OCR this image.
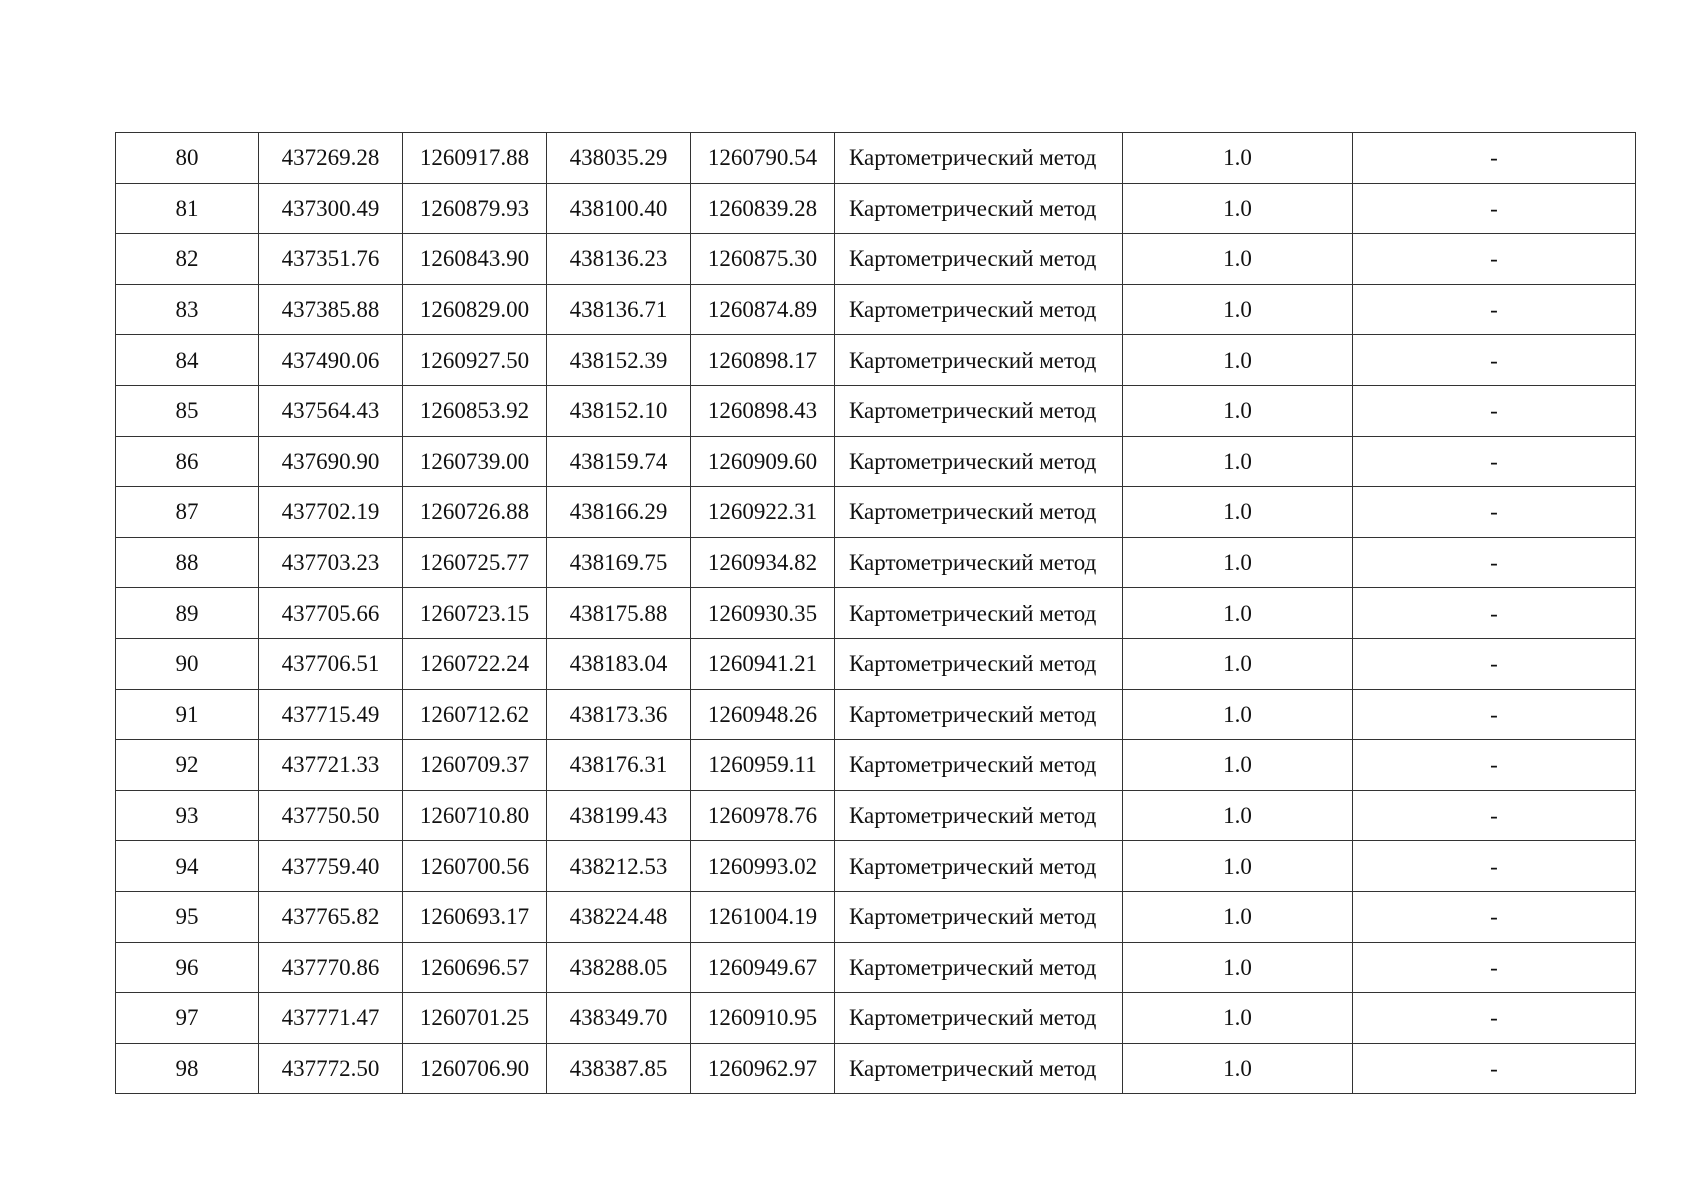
80	437269.28	1260917.88	438035.29	1260790.54	Картометрический метод	1.0	-
81	437300.49	1260879.93	438100.40	1260839.28	Картометрический метод	1.0	-
82	437351.76	1260843.90	438136.23	1260875.30	Картометрический метод	1.0	-
83	437385.88	1260829.00	438136.71	1260874.89	Картометрический метод	1.0	-
84	437490.06	1260927.50	438152.39	1260898.17	Картометрический метод	1.0	-
85	437564.43	1260853.92	438152.10	1260898.43	Картометрический метод	1.0	-
86	437690.90	1260739.00	438159.74	1260909.60	Картометрический метод	1.0	-
87	437702.19	1260726.88	438166.29	1260922.31	Картометрический метод	1.0	-
88	437703.23	1260725.77	438169.75	1260934.82	Картометрический метод	1.0	-
89	437705.66	1260723.15	438175.88	1260930.35	Картометрический метод	1.0	-
90	437706.51	1260722.24	438183.04	1260941.21	Картометрический метод	1.0	-
91	437715.49	1260712.62	438173.36	1260948.26	Картометрический метод	1.0	-
92	437721.33	1260709.37	438176.31	1260959.11	Картометрический метод	1.0	-
93	437750.50	1260710.80	438199.43	1260978.76	Картометрический метод	1.0	-
94	437759.40	1260700.56	438212.53	1260993.02	Картометрический метод	1.0	-
95	437765.82	1260693.17	438224.48	1261004.19	Картометрический метод	1.0	-
96	437770.86	1260696.57	438288.05	1260949.67	Картометрический метод	1.0	-
97	437771.47	1260701.25	438349.70	1260910.95	Картометрический метод	1.0	-
98	437772.50	1260706.90	438387.85	1260962.97	Картометрический метод	1.0	-
